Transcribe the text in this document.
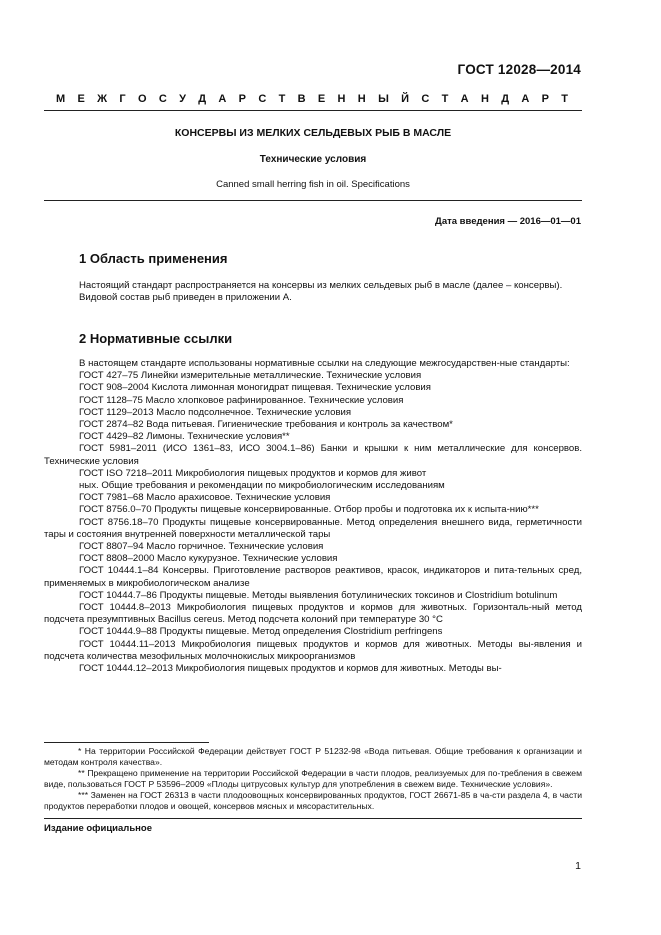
ГОСТ 12028—2014
М Е Ж Г О С У Д А Р С Т В Е Н Н Ы Й С Т А Н Д А Р Т
КОНСЕРВЫ ИЗ МЕЛКИХ СЕЛЬДЕВЫХ РЫБ В МАСЛЕ
Технические условия
Canned small herring fish in oil. Specifications
Дата введения — 2016—01—01
1 Область применения

Настоящий стандарт распространяется на консервы из мелких сельдевых рыб в масле (далее – консервы).

Видовой состав рыб приведен в приложении А.

2 Нормативные ссылки

В настоящем стандарте использованы нормативные ссылки на следующие межгосударствен-ные стандарты:

ГОСТ 427–75 Линейки измерительные металлические. Технические условия

ГОСТ 908–2004 Кислота лимонная моногидрат пищевая. Технические условия

ГОСТ 1128–75 Масло хлопковое рафинированное. Технические условия

ГОСТ 1129–2013 Масло подсолнечное. Технические условия

ГОСТ 2874–82 Вода питьевая. Гигиенические требования и контроль за качеством*

ГОСТ 4429–82 Лимоны. Технические условия**

ГОСТ 5981–2011 (ИСО 1361–83, ИСО 3004.1–86) Банки и крышки к ним металлические для консервов. Технические условия

ГОСТ ISO 7218–2011 Микробиология пищевых продуктов и кормов для живот

ных. Общие требования и рекомендации по микробиологическим исследованиям

ГОСТ 7981–68 Масло арахисовое. Технические условия

ГОСТ 8756.0–70 Продукты пищевые консервированные. Отбор пробы и подготовка их к испыта-нию***

ГОСТ 8756.18–70 Продукты пищевые консервированные. Метод определения внешнего вида, герметичности тары и состояния внутренней поверхности металлической тары

ГОСТ 8807–94 Масло горчичное. Технические условия

ГОСТ 8808–2000 Масло кукурузное. Технические условия

ГОСТ 10444.1–84 Консервы. Приготовление растворов реактивов, красок, индикаторов и пита-тельных сред, применяемых в микробиологическом анализе

ГОСТ 10444.7–86 Продукты пищевые. Методы выявления ботулинических токсинов и Clostridium botulinum

ГОСТ 10444.8–2013 Микробиология пищевых продуктов и кормов для животных. Горизонталь-ный метод подсчета презумптивных Bacillus cereus. Метод подсчета колоний при температуре 30 °С

ГОСТ 10444.9–88 Продукты пищевые. Метод определения Clostridium perfringens

ГОСТ 10444.11–2013 Микробиология пищевых продуктов и кормов для животных. Методы вы-явления и подсчета количества мезофильных молочнокислых микроорганизмов

ГОСТ 10444.12–2013 Микробиология пищевых продуктов и кормов для животных. Методы вы-

* На территории Российской Федерации действует ГОСТ Р 51232-98 «Вода питьевая. Общие требования к организации и методам контроля качества».

** Прекращено применение на территории Российской Федерации в части плодов, реализуемых для по-требления в свежем виде, пользоваться ГОСТ Р 53596–2009 «Плоды цитрусовых культур для употребления в свежем виде. Технические условия».

*** Заменен на ГОСТ 26313 в части плодоовощных консервированных продуктов, ГОСТ 26671-85 в ча-сти раздела 4, в части продуктов переработки плодов и овощей, консервов мясных и мясорастительных.

Издание официальное
1
